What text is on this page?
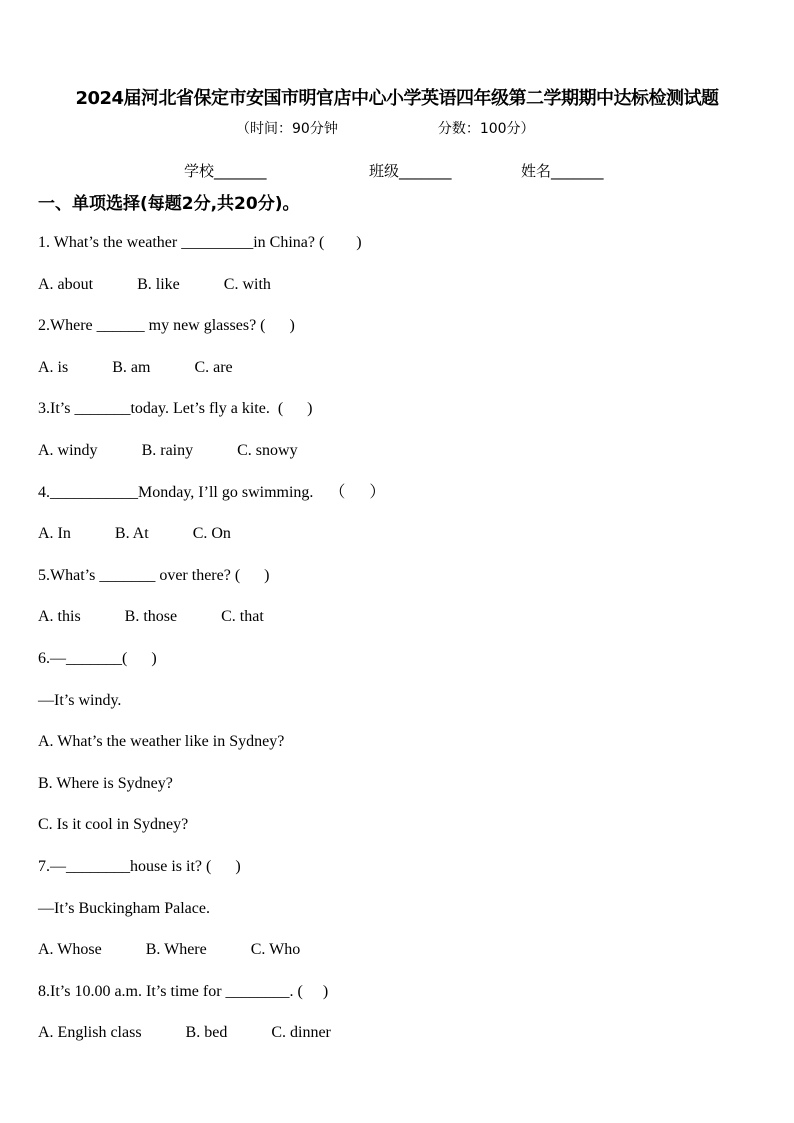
2024届河北省保定市安国市明官店中心小学英语四年级第二学期期中达标检测试题
（时间：90分钟	分数：100分）
学校_______	班级_______	姓名_______
一、单项选择(每题2分,共20分)。
1. What’s the weather _________in China? (        )
A. about	B. like	C. with
2.Where ______ my new glasses? (      )
A. is	B. am	C. are
3.It’s _______today. Let’s fly a kite.  (      )
A. windy	B. rainy	C. snowy
4.___________Monday, I’ll go swimming.    （      ）
A. In	B. At	C. On
5.What’s _______ over there? (      )
A. this	B. those	C. that
6.—_______(      )
—It’s windy.
A. What’s the weather like in Sydney?
B. Where is Sydney?
C. Is it cool in Sydney?
7.—________house is it? (      )
—It’s Buckingham Palace.
A. Whose	B. Where	C. Who
8.It’s 10.00 a.m. It’s time for ________. (     )
A. English class	B. bed	C. dinner
